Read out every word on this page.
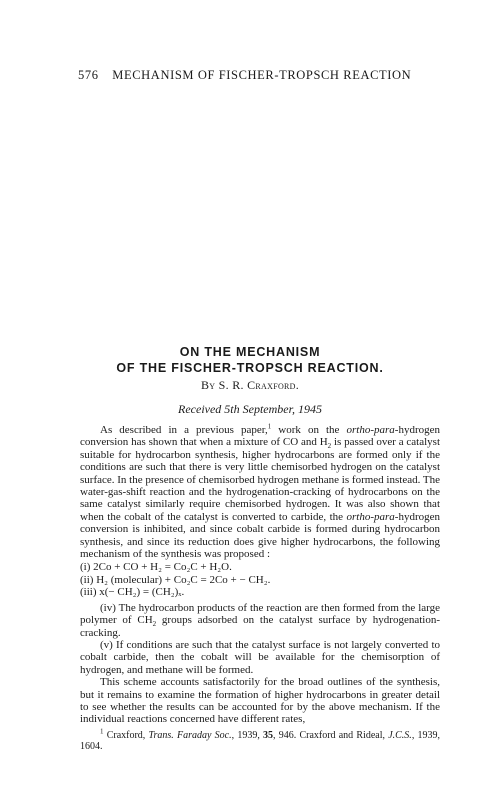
576 MECHANISM OF FISCHER-TROPSCH REACTION
ON THE MECHANISM
OF THE FISCHER-TROPSCH REACTION.
By S. R. Craxford.
Received 5th September, 1945

As described in a previous paper,$^1$ work on the ortho-para-hydrogen conversion has shown that when a mixture of CO and $H_2$ is passed over a catalyst suitable for hydrocarbon synthesis, higher hydrocarbons are formed only if the conditions are such that there is very little chemisorbed hydrogen on the catalyst surface. In the presence of chemisorbed hydrogen methane is formed instead. The water-gas-shift reaction and the hydrogenation-cracking of hydrocarbons on the same catalyst similarly require chemisorbed hydrogen. It was also shown that when the cobalt of the catalyst is converted to carbide, the ortho-para-hydrogen conversion is inhibited, and since cobalt carbide is formed during hydrocarbon synthesis, and since its reduction does give higher hydrocarbons, the following mechanism of the synthesis was proposed :

(i) 2Co + CO + H₂ = Co₂C + H₂O.
(ii) H₂ (molecular) + Co₂C = 2Co + − CH₂.
(iii) x(− CH₂) = (CH₂)ₓ.

(iv) The hydrocarbon products of the reaction are then formed from the large polymer of $CH_2$ groups adsorbed on the catalyst surface by hydrogenation-cracking.

(v) If conditions are such that the catalyst surface is not largely converted to cobalt carbide, then the cobalt will be available for the chemisorption of hydrogen, and methane will be formed.

This scheme accounts satisfactorily for the broad outlines of the synthesis, but it remains to examine the formation of higher hydrocarbons in greater detail to see whether the results can be accounted for by the above mechanism. If the individual reactions concerned have different rates,

$^1$ Craxford, Trans. Faraday Soc., 1939, 35, 946. Craxford and Rideal, J.C.S., 1939, 1604.
